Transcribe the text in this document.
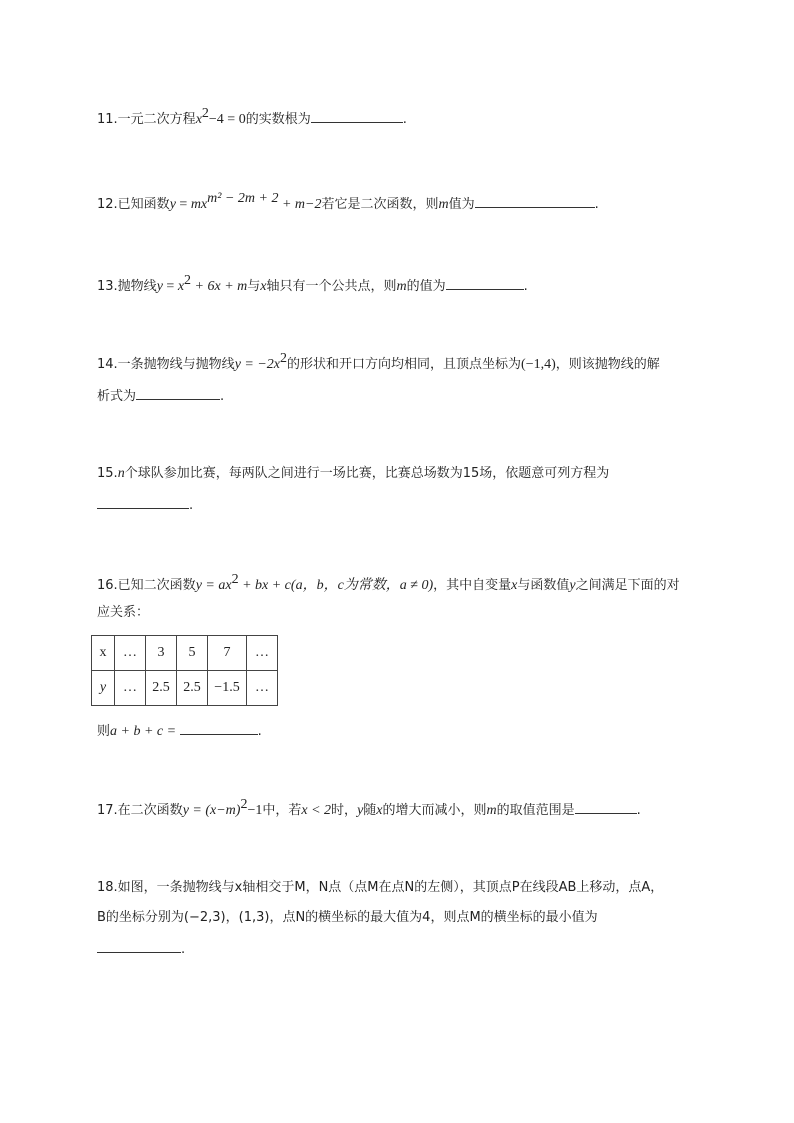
11.一元二次方程$x^2-4 = 0$的实数根为	.
12.已知函数$y = mx^{m^2 - 2m + 2} + m-2$若它是二次函数，则m值为	.
13.抛物线$y = x^2 + 6x + m$与x轴只有一个公共点，则m的值为	.
14.一条抛物线与抛物线$y = -2x^2$的形状和开口方向均相同，且顶点坐标为(−1,4)，则该抛物线的解
析式为	.
15.n个球队参加比赛，每两队之间进行一场比赛，比赛总场数为15场，依题意可列方程为
.
16.已知二次函数$y = ax^2$ + bx + c(a，b，c为常数，a ≠ 0)，其中自变量x与函数值y之间满足下面的对
应关系：
x	…	3	5	7	…
y	…	2.5	2.5	−1.5	…
则a + b + c =	.
17.在二次函数$y = (x-m)^2-1$中，若x < 2时，y随x的增大而减小，则m的取值范围是	.
18.如图，一条抛物线与x轴相交于M，N点（点M在点N的左侧），其顶点P在线段AB上移动，点A，
B的坐标分别为(−2,3)，(1,3)，点N的横坐标的最大值为4，则点M的横坐标的最小值为
.
